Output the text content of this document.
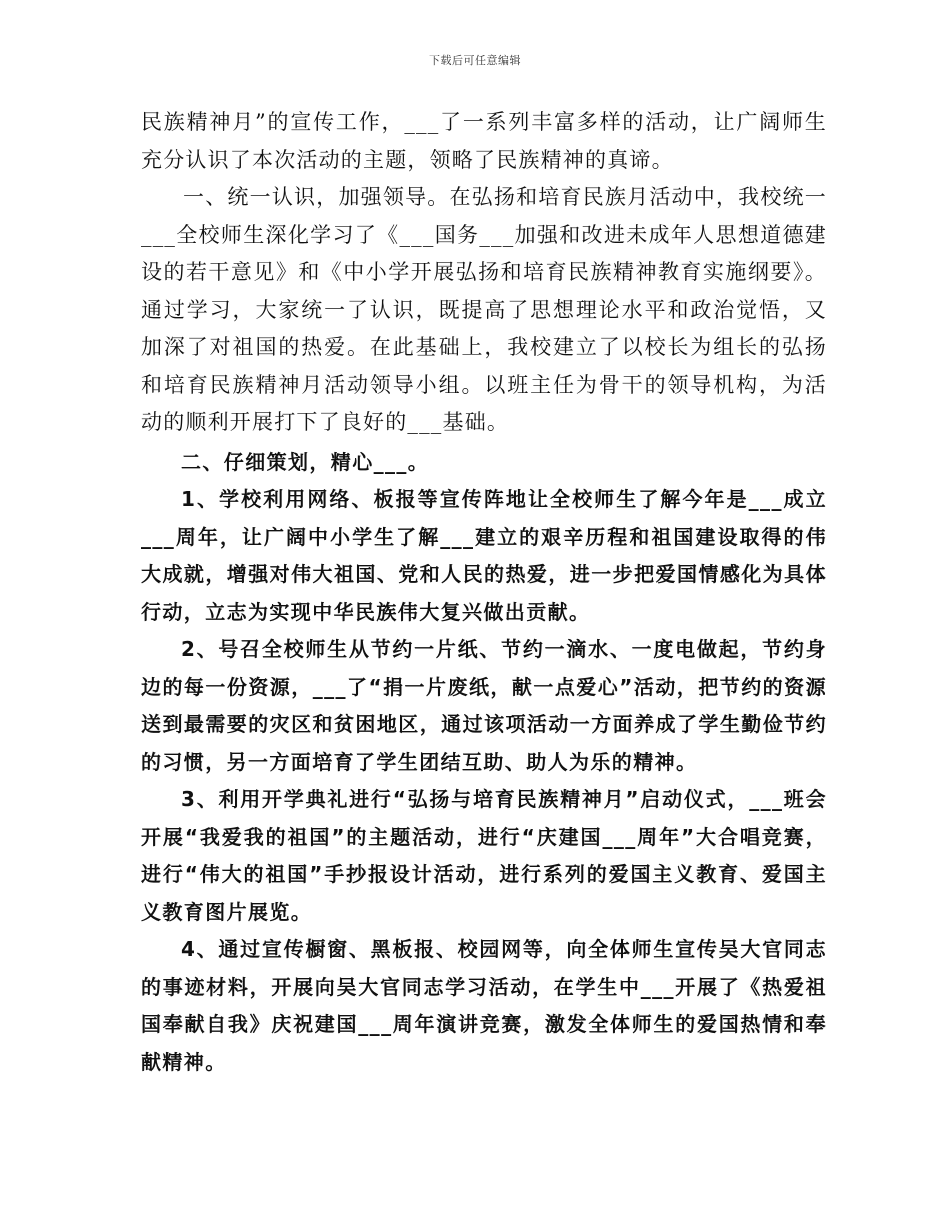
下载后可任意编辑

民族精神月”的宣传工作，___了一系列丰富多样的活动，让广阔师生充分认识了本次活动的主题，领略了民族精神的真谛。

一、统一认识，加强领导。在弘扬和培育民族月活动中，我校统一___全校师生深化学习了《___国务___加强和改进未成年人思想道德建设的若干意见》和《中小学开展弘扬和培育民族精神教育实施纲要》。通过学习，大家统一了认识，既提高了思想理论水平和政治觉悟，又加深了对祖国的热爱。在此基础上，我校建立了以校长为组长的弘扬和培育民族精神月活动领导小组。以班主任为骨干的领导机构，为活动的顺利开展打下了良好的___基础。

二、仔细策划，精心___。

1、学校利用网络、板报等宣传阵地让全校师生了解今年是___成立___周年，让广阔中小学生了解___建立的艰辛历程和祖国建设取得的伟大成就，增强对伟大祖国、党和人民的热爱，进一步把爱国情感化为具体行动，立志为实现中华民族伟大复兴做出贡献。

2、号召全校师生从节约一片纸、节约一滴水、一度电做起，节约身边的每一份资源，___了“捐一片废纸，献一点爱心”活动，把节约的资源送到最需要的灾区和贫困地区，通过该项活动一方面养成了学生勤俭节约的习惯，另一方面培育了学生团结互助、助人为乐的精神。

3、利用开学典礼进行“弘扬与培育民族精神月”启动仪式，___班会开展“我爱我的祖国”的主题活动，进行“庆建国___周年”大合唱竞赛，进行“伟大的祖国”手抄报设计活动，进行系列的爱国主义教育、爱国主义教育图片展览。

4、通过宣传橱窗、黑板报、校园网等，向全体师生宣传吴大官同志的事迹材料，开展向吴大官同志学习活动，在学生中___开展了《热爱祖国奉献自我》庆祝建国___周年演讲竞赛，激发全体师生的爱国热情和奉献精神。
